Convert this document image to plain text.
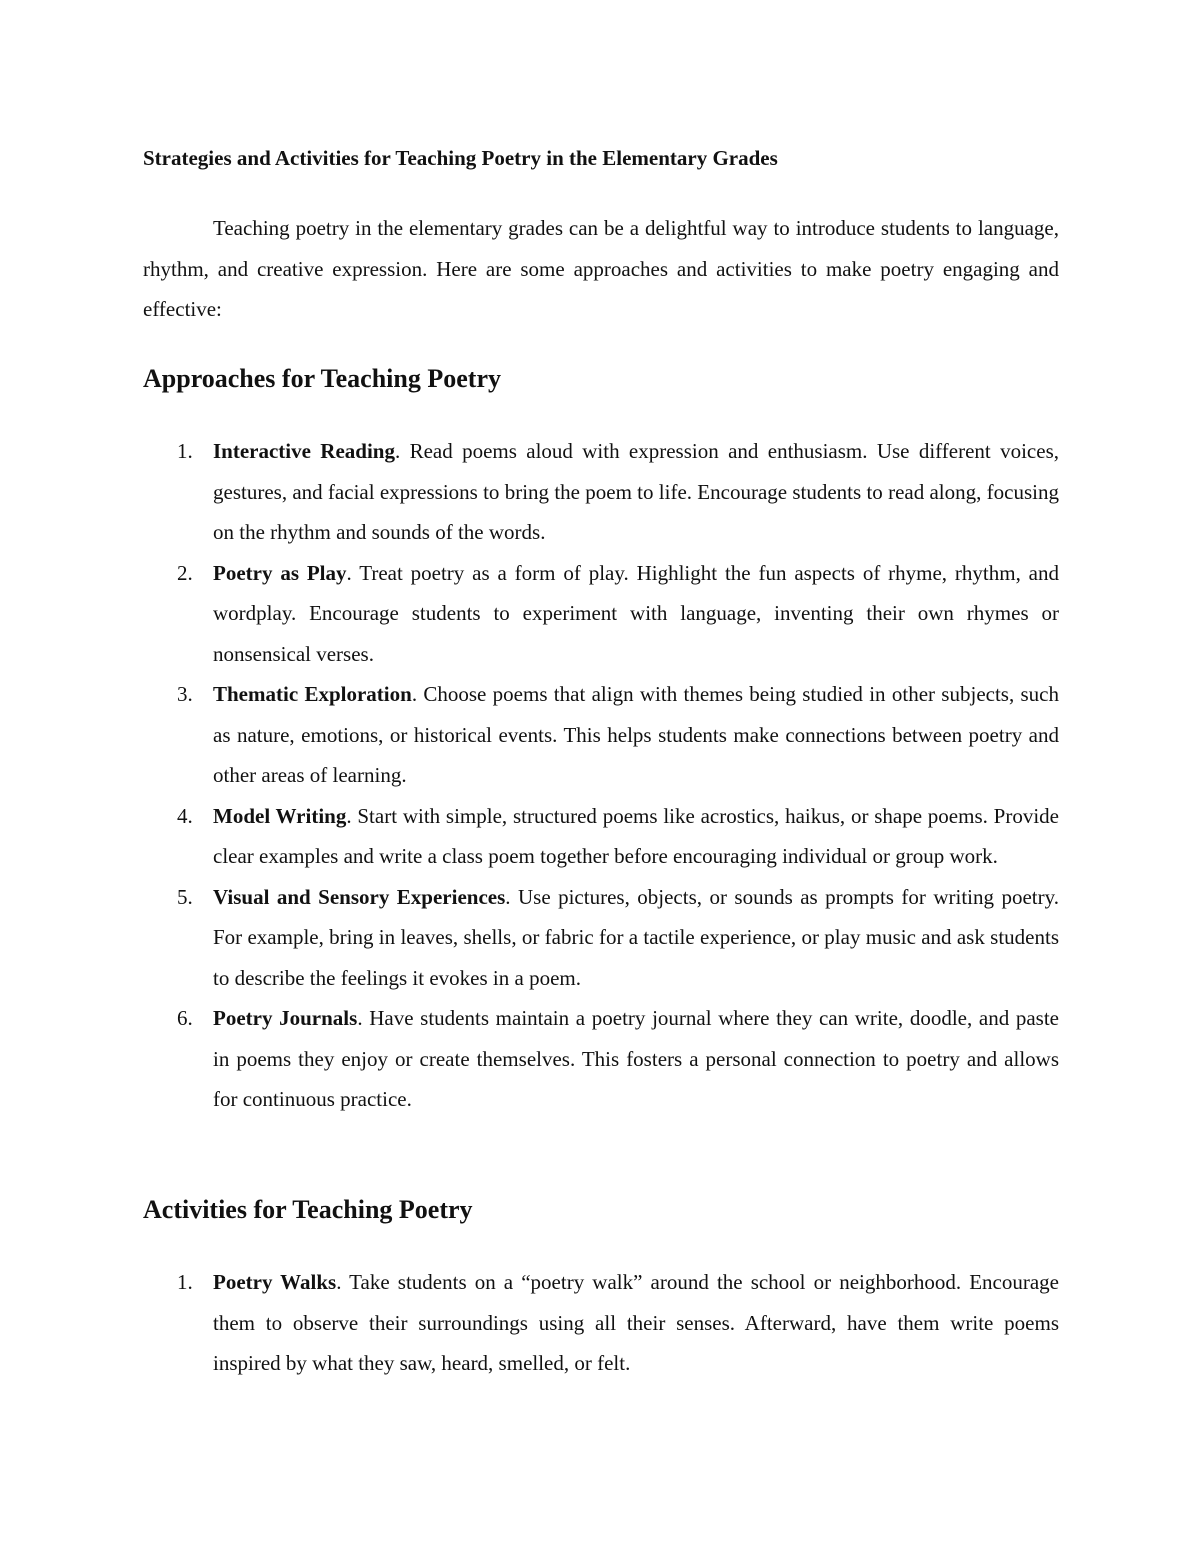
Strategies and Activities for Teaching Poetry in the Elementary Grades

Teaching poetry in the elementary grades can be a delightful way to introduce students to language, rhythm, and creative expression. Here are some approaches and activities to make poetry engaging and effective:

Approaches for Teaching Poetry
1. Interactive Reading. Read poems aloud with expression and enthusiasm. Use different voices, gestures, and facial expressions to bring the poem to life. Encourage students to read along, focusing on the rhythm and sounds of the words.
2. Poetry as Play. Treat poetry as a form of play. Highlight the fun aspects of rhyme, rhythm, and wordplay. Encourage students to experiment with language, inventing their own rhymes or nonsensical verses.
3. Thematic Exploration. Choose poems that align with themes being studied in other subjects, such as nature, emotions, or historical events. This helps students make connections between poetry and other areas of learning.
4. Model Writing. Start with simple, structured poems like acrostics, haikus, or shape poems. Provide clear examples and write a class poem together before encouraging individual or group work.
5. Visual and Sensory Experiences. Use pictures, objects, or sounds as prompts for writing poetry. For example, bring in leaves, shells, or fabric for a tactile experience, or play music and ask students to describe the feelings it evokes in a poem.
6. Poetry Journals. Have students maintain a poetry journal where they can write, doodle, and paste in poems they enjoy or create themselves. This fosters a personal connection to poetry and allows for continuous practice.
Activities for Teaching Poetry
1. Poetry Walks. Take students on a “poetry walk” around the school or neighborhood. Encourage them to observe their surroundings using all their senses. Afterward, have them write poems inspired by what they saw, heard, smelled, or felt.
